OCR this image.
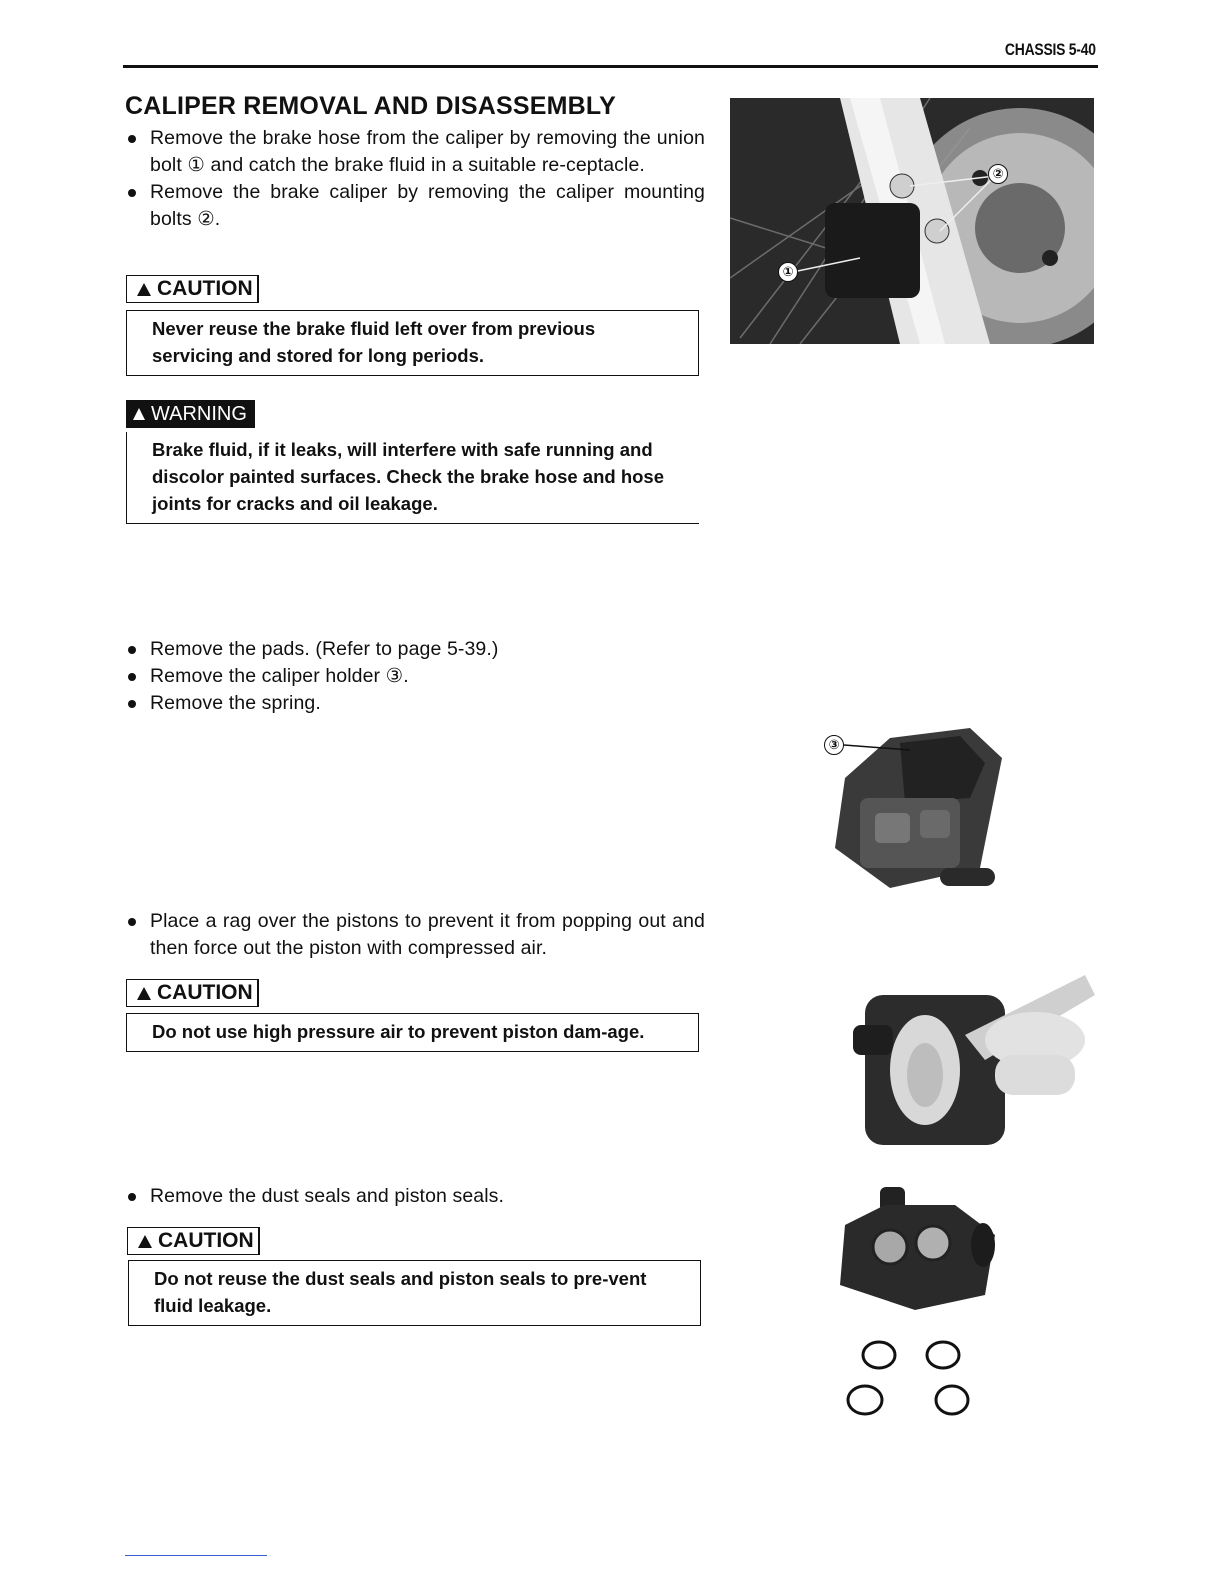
CHASSIS 5-40
CALIPER REMOVAL AND DISASSEMBLY
Remove the brake hose from the caliper by removing the union bolt ① and catch the brake fluid in a suitable re-ceptacle.
Remove the brake caliper by removing the caliper mounting bolts ②.
CAUTION
Never reuse the brake fluid left over from previous servicing and stored for long periods.
WARNING
Brake fluid, if it leaks, will interfere with safe running and discolor painted surfaces. Check the brake hose and hose joints for cracks and oil leakage.
Remove the pads. (Refer to page 5-39.)
Remove the caliper holder ③.
Remove the spring.
Place a rag over the pistons to prevent it from popping out and then force out the piston with compressed air.
CAUTION
Do not use high pressure air to prevent piston dam-age.
Remove the dust seals and piston seals.
CAUTION
Do not reuse the dust seals and piston seals to pre-vent fluid leakage.
①
②
③
